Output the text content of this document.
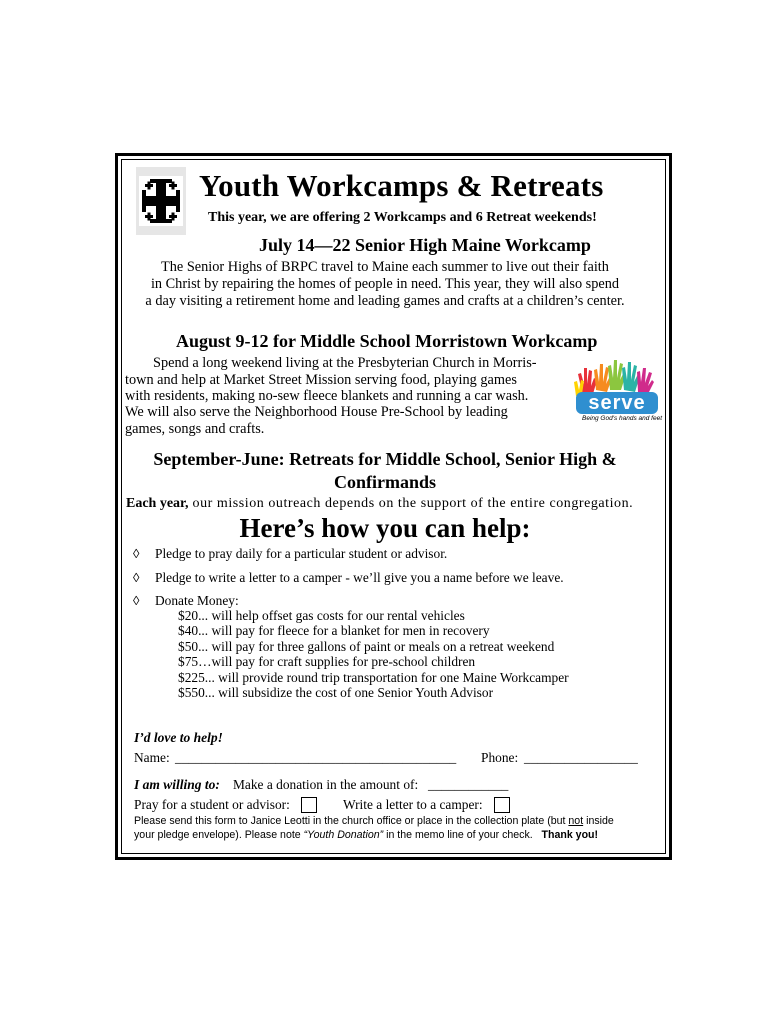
Youth Workcamps & Retreats
This year, we are offering 2 Workcamps and 6 Retreat weekends!
July 14—22 Senior High Maine Workcamp
The Senior Highs of BRPC travel to Maine each summer to live out their faith
in Christ by repairing the homes of people in need. This year, they will also spend
a day visiting a retirement home and leading games and crafts at a children’s center.
August 9-12 for Middle School Morristown Workcamp
Spend a long weekend living at the Presbyterian Church in Morris-
town and help at Market Street Mission serving food, playing games
with residents, making no-sew fleece blankets and running a car wash.
We will also serve the Neighborhood House Pre-School by leading
games, songs and crafts.
serve
Being God's hands and feet
September-June: Retreats for Middle School, Senior High &
Confirmands
Each year, our mission outreach depends on the support of the entire congregation.
Here’s how you can help:
◊ Pledge to pray daily for a particular student or advisor.
◊ Pledge to write a letter to a camper - we’ll give you a name before we leave.
◊ Donate Money:
$20... will help offset gas costs for our rental vehicles
$40... will pay for fleece for a blanket for men in recovery
$50... will pay for three gallons of paint or meals on a retreat weekend
$75…will pay for craft supplies for pre-school children
$225... will provide round trip transportation for one Maine Workcamper
$550... will subsidize the cost of one Senior Youth Advisor
I’d love to help!
Name: __________________________________________ Phone: _________________
I am willing to: Make a donation in the amount of: ____________
Pray for a student or advisor:	Write a letter to a camper:
Please send this form to Janice Leotti in the church office or place in the collection plate (but not inside
your pledge envelope). Please note “Youth Donation” in the memo line of your check. Thank you!
